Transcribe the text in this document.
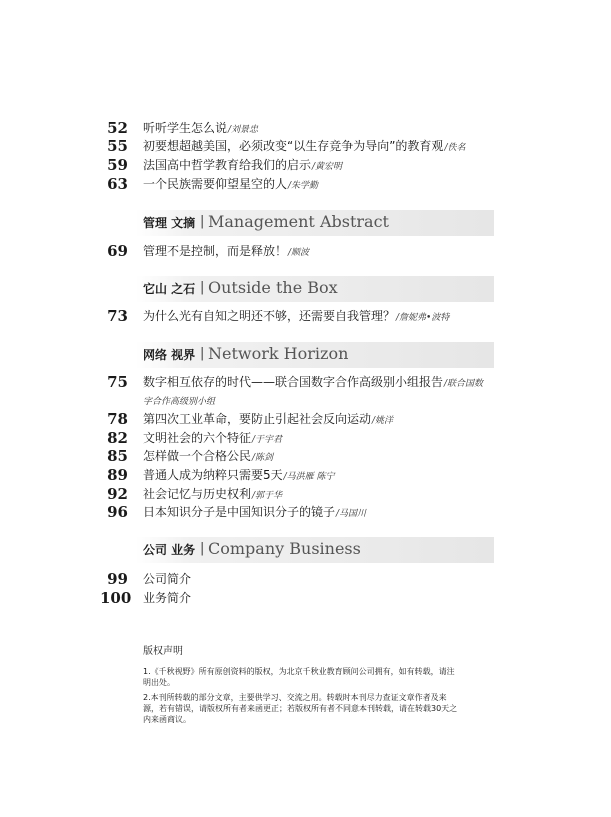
52 听听学生怎么说/刘景忠
55 初要想超越美国，必须改变“以生存竞争为导向”的教育观/佚名
59 法国高中哲学教育给我们的启示/黄宏明
63 一个民族需要仰望星空的人/朱学勤
管理 文摘 | Management Abstract
69 管理不是控制，而是释放！/顺波
它山 之石 | Outside the Box
73 为什么光有自知之明还不够，还需要自我管理？/詹妮弗•波特
网络 视界 | Network Horizon
75 数字相互依存的时代——联合国数字合作高级别小组报告/联合国数
字合作高级别小组
78 第四次工业革命，要防止引起社会反向运动/姚洋
82 文明社会的六个特征/于宇君
85 怎样做一个合格公民/陈剑
89 普通人成为纳粹只需要5天/马洪雁 陈宁
92 社会记忆与历史权利/郭于华
96 日本知识分子是中国知识分子的镜子/马国川
公司 业务 | Company Business
99 公司简介
100 业务简介
版权声明
1.《千秋视野》所有原创资料的版权，为北京千秋业教育顾问公司拥有，如有转载，请注
明出处。
2.本刊所转载的部分文章，主要供学习、交流之用。转载时本刊尽力查证文章作者及来
源，若有错误，请版权所有者来函更正；若版权所有者不同意本刊转载，请在转载30天之
内来函商议。
